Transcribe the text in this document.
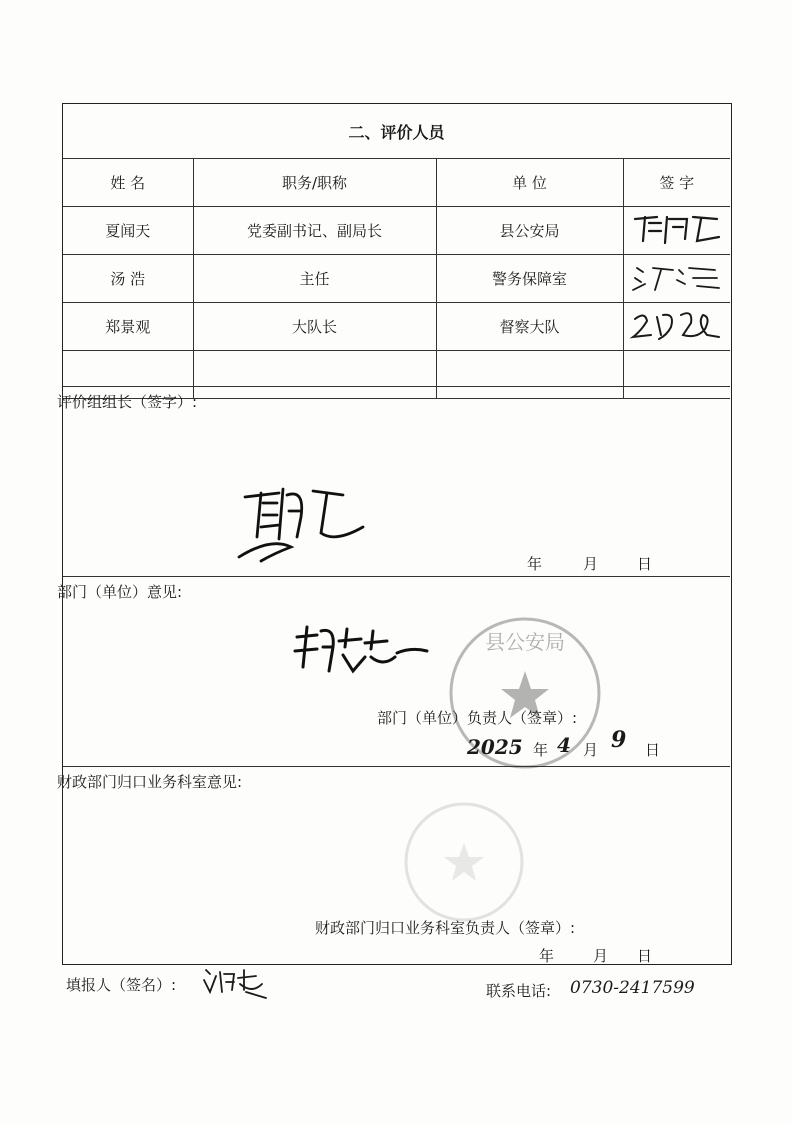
二、评价人员			
姓 名	职务/职称	单 位	签 字
夏闻天	党委副书记、副局长	县公安局	
汤 浩	主任	警务保障室	
郑景观	大队长	督察大队	

评价组组长（签字）:
年	月	日
部门（单位）意见:
县公安局
部门（单位）负责人（签章）:
2025 年 4 月 9 日
财政部门归口业务科室意见:
财政部门归口业务科室负责人（签章）:
年	月 日
填报人（签名）:	联系电话: 0730-2417599
